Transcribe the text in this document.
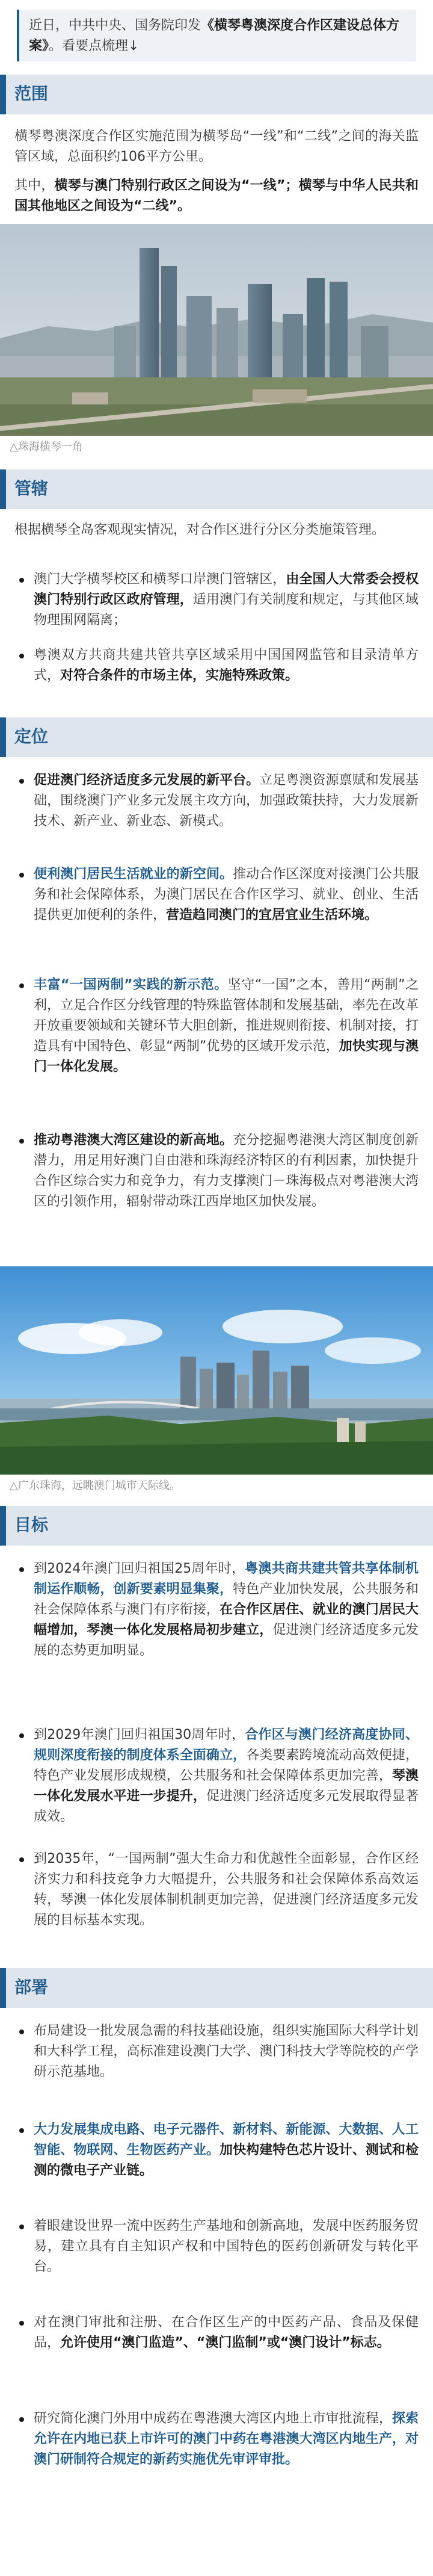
近日，中共中央、国务院印发《横琴粤澳深度合作区建设总体方案》。看要点梳理↓
范围
横琴粤澳深度合作区实施范围为横琴岛“一线”和“二线”之间的海关监管区域，总面积约106平方公里。
其中，横琴与澳门特别行政区之间设为“一线”；横琴与中华人民共和国其他地区之间设为“二线”。
△珠海横琴一角
管辖
根据横琴全岛客观现实情况，对合作区进行分区分类施策管理。
澳门大学横琴校区和横琴口岸澳门管辖区，由全国人大常委会授权澳门特别行政区政府管理，适用澳门有关制度和规定，与其他区域物理围网隔离；
粤澳双方共商共建共管共享区域采用中国国网监管和目录清单方式，对符合条件的市场主体，实施特殊政策。
定位
促进澳门经济适度多元发展的新平台。立足粤澳资源禀赋和发展基础，围绕澳门产业多元发展主攻方向，加强政策扶持，大力发展新技术、新产业、新业态、新模式。
便利澳门居民生活就业的新空间。推动合作区深度对接澳门公共服务和社会保障体系，为澳门居民在合作区学习、就业、创业、生活提供更加便利的条件，营造趋同澳门的宜居宜业生活环境。
丰富“一国两制”实践的新示范。坚守“一国”之本，善用“两制”之利，立足合作区分线管理的特殊监管体制和发展基础，率先在改革开放重要领域和关键环节大胆创新，推进规则衔接、机制对接，打造具有中国特色、彰显“两制”优势的区域开发示范，加快实现与澳门一体化发展。
推动粤港澳大湾区建设的新高地。充分挖掘粤港澳大湾区制度创新潜力，用足用好澳门自由港和珠海经济特区的有利因素，加快提升合作区综合实力和竞争力，有力支撑澳门－珠海极点对粤港澳大湾区的引领作用，辐射带动珠江西岸地区加快发展。
△广东珠海，远眺澳门城市天际线。
目标
到2024年澳门回归祖国25周年时，粤澳共商共建共管共享体制机制运作顺畅，创新要素明显集聚，特色产业加快发展，公共服务和社会保障体系与澳门有序衔接，在合作区居住、就业的澳门居民大幅增加，琴澳一体化发展格局初步建立，促进澳门经济适度多元发展的态势更加明显。
到2029年澳门回归祖国30周年时，合作区与澳门经济高度协同、规则深度衔接的制度体系全面确立，各类要素跨境流动高效便捷，特色产业发展形成规模，公共服务和社会保障体系更加完善，琴澳一体化发展水平进一步提升，促进澳门经济适度多元发展取得显著成效。
到2035年，“一国两制”强大生命力和优越性全面彰显，合作区经济实力和科技竞争力大幅提升，公共服务和社会保障体系高效运转，琴澳一体化发展体制机制更加完善，促进澳门经济适度多元发展的目标基本实现。
部署
布局建设一批发展急需的科技基础设施，组织实施国际大科学计划和大科学工程，高标准建设澳门大学、澳门科技大学等院校的产学研示范基地。
大力发展集成电路、电子元器件、新材料、新能源、大数据、人工智能、物联网、生物医药产业。加快构建特色芯片设计、测试和检测的微电子产业链。
着眼建设世界一流中医药生产基地和创新高地，发展中医药服务贸易，建立具有自主知识产权和中国特色的医药创新研发与转化平台。
对在澳门审批和注册、在合作区生产的中医药产品、食品及保健品，允许使用“澳门监造”、“澳门监制”或“澳门设计”标志。
研究简化澳门外用中成药在粤港澳大湾区内地上市审批流程，探索允许在内地已获上市许可的澳门中药在粤港澳大湾区内地生产，对澳门研制符合规定的新药实施优先审评审批。
